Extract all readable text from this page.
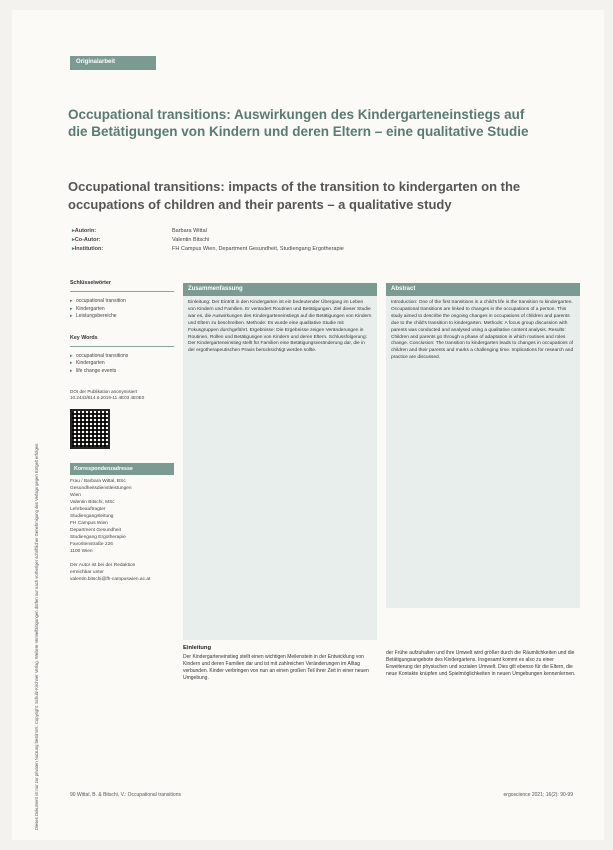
Dieses Dokument ist nur zur privaten Nutzung bestimmt. Copyright: Schulz-Kirchner Verlag. Weitere Vervielfältigungen dürfen nur nach vorheriger schriftlicher Genehmigung des Verlags gegen Entgelt erfolgen.
Originalarbeit
Occupational transitions: Auswirkungen des Kindergarteneinstiegs auf die Betätigungen von Kindern und deren Eltern – eine qualitative Studie
Occupational transitions: impacts of the transition to kindergarten on the occupations of children and their parents – a qualitative study
▸ Autorin:	Barbara Wittal
▸ Co-Autor:	Valentin Bitschi
▸ Institution:	FH Campus Wien, Department Gesundheit, Studiengang Ergotherapie
Schlüsselwörter
▸ occupational transition
▸ Kindergarten
▸ Leistungsbereiche
Key Words
▸ occupational transitions
▸ Kindergarten
▸ life change events
DOI der Publikation anonymisiert 10.2443/814.6.2019-11 4E03 4E0E0
Korrespondenzadresse
Frau / Barbara Wittal, BSc
Gesundheitsdienstleistungen
Wien
Valentin Bitschi, MSc
Lehrbeauftragter
Studiengangsleitung
FH Campus Wien
Department Gesundheit
Studiengang Ergotherapie
Favoritenstraße 226
1100 Wien
Der Autor ist bei der Redaktion
erreichbar unter
valentin.bitschi@fh-campuswien.ac.at
Zusammenfassung
Einleitung: Der Eintritt in den Kindergarten ist ein bedeutender Übergang im Leben von Kindern und Familien. Er verändert Routinen und Betätigungen. Ziel dieser Studie war es, die Auswirkungen des Kindergarteneinstiegs auf die Betätigungen von Kindern und Eltern zu beschreiben. Methode: Es wurde eine qualitative Studie mit Fokusgruppen durchgeführt. Ergebnisse: Die Ergebnisse zeigen Veränderungen in Routinen, Rollen und Betätigungen von Kindern und deren Eltern. Schlussfolgerung: Der Kindergarteneinstieg stellt für Familien eine Betätigungsveränderung dar, die in der ergotherapeutischen Praxis berücksichtigt werden sollte.
Abstract
Introduction: One of the first transitions in a child's life is the transition to kindergarten. Occupational transitions are linked to changes in the occupations of a person. This study aimed to describe the ongoing changes in occupations of children and parents due to the child's transition to kindergarten. Methods: A focus group discussion with parents was conducted and analysed using a qualitative content analysis. Results: Children and parents go through a phase of adaptation in which routines and roles change. Conclusion: The transition to kindergarten leads to changes in occupations of children and their parents and marks a challenging time. Implications for research and practice are discussed.
Einleitung
Der Kindergarteneinstieg stellt einen wichtigen Meilenstein in der Entwicklung von Kindern und deren Familien dar und ist mit zahlreichen Veränderungen im Alltag verbunden. Kinder verbringen von nun an einen großen Teil ihrer Zeit in einer neuen Umgebung.
der Frühe aufzuhalten und ihre Umwelt wird größer durch die Räumlichkeiten und die Betätigungsangebote des Kindergartens. Insgesamt kommt es also zu einer Erweiterung der physischen und sozialen Umwelt. Dies gilt ebenso für die Eltern, die neue Kontakte knüpfen und Spielmöglichkeiten in neuen Umgebungen kennenlernen.
90 Wittal, B. & Bitschi, V.: Occupational transitions	ergoscience 2021; 16(2): 90-99
